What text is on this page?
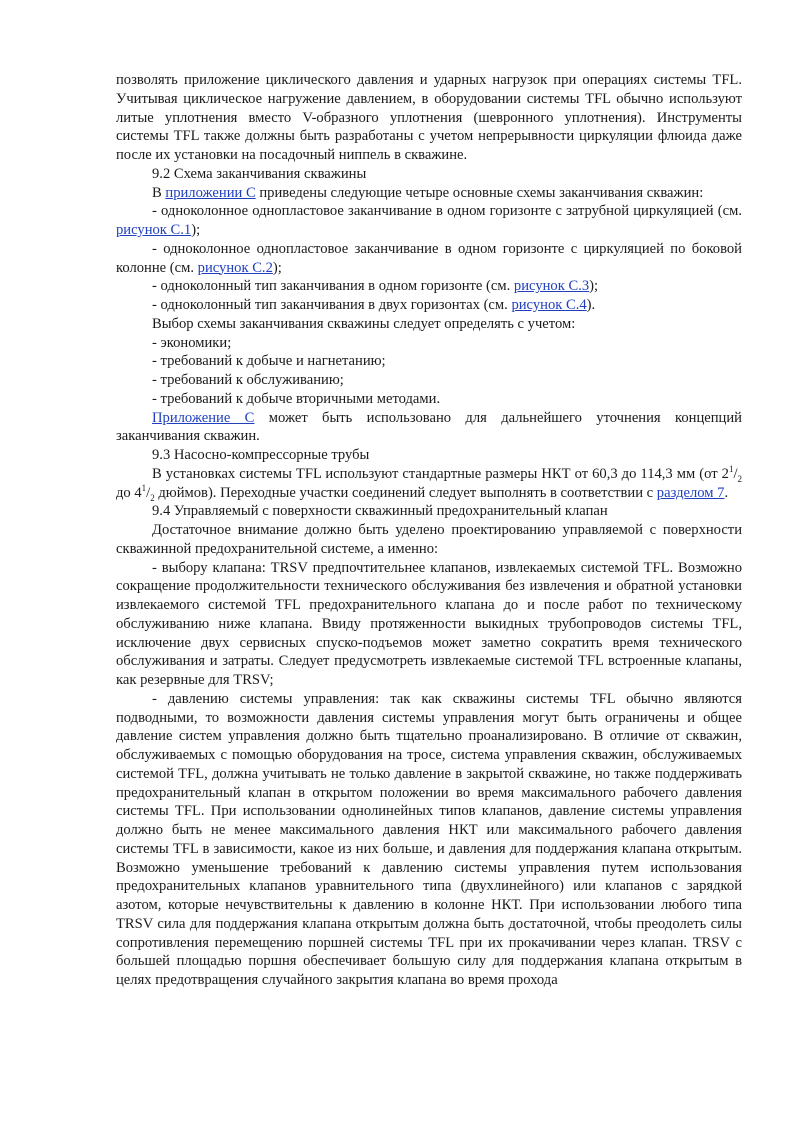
позволять приложение циклического давления и ударных нагрузок при операциях системы TFL. Учитывая циклическое нагружение давлением, в оборудовании системы TFL обычно используют литые уплотнения вместо V-образного уплотнения (шевронного уплотнения). Инструменты системы TFL также должны быть разработаны с учетом непрерывности циркуляции флюида даже после их установки на посадочный ниппель в скважине.

9.2 Схема заканчивания скважины

В приложении С приведены следующие четыре основные схемы заканчивания скважин:

- одноколонное однопластовое заканчивание в одном горизонте с затрубной циркуляцией (см. рисунок С.1);

- одноколонное однопластовое заканчивание в одном горизонте с циркуляцией по боковой колонне (см. рисунок С.2);

- одноколонный тип заканчивания в одном горизонте (см. рисунок С.3);

- одноколонный тип заканчивания в двух горизонтах (см. рисунок С.4).

Выбор схемы заканчивания скважины следует определять с учетом:

- экономики;

- требований к добыче и нагнетанию;

- требований к обслуживанию;

- требований к добыче вторичными методами.

Приложение С может быть использовано для дальнейшего уточнения концепций заканчивания скважин.

9.3 Насосно-компрессорные трубы

В установках системы TFL используют стандартные размеры НКТ от 60,3 до 114,3 мм (от $2^1/_2$ до $4^1/_2$ дюймов). Переходные участки соединений следует выполнять в соответствии с разделом 7.

9.4 Управляемый с поверхности скважинный предохранительный клапан

Достаточное внимание должно быть уделено проектированию управляемой с поверхности скважинной предохранительной системе, а именно:

- выбору клапана: TRSV предпочтительнее клапанов, извлекаемых системой TFL. Возможно сокращение продолжительности технического обслуживания без извлечения и обратной установки извлекаемого системой TFL предохранительного клапана до и после работ по техническому обслуживанию ниже клапана. Ввиду протяженности выкидных трубопроводов системы TFL, исключение двух сервисных спуско-подъемов может заметно сократить время технического обслуживания и затраты. Следует предусмотреть извлекаемые системой TFL встроенные клапаны, как резервные для TRSV;

- давлению системы управления: так как скважины системы TFL обычно являются подводными, то возможности давления системы управления могут быть ограничены и общее давление систем управления должно быть тщательно проанализировано. В отличие от скважин, обслуживаемых с помощью оборудования на тросе, система управления скважин, обслуживаемых системой TFL, должна учитывать не только давление в закрытой скважине, но также поддерживать предохранительный клапан в открытом положении во время максимального рабочего давления системы TFL. При использовании однолинейных типов клапанов, давление системы управления должно быть не менее максимального давления НКТ или максимального рабочего давления системы TFL в зависимости, какое из них больше, и давления для поддержания клапана открытым. Возможно уменьшение требований к давлению системы управления путем использования предохранительных клапанов уравнительного типа (двухлинейного) или клапанов с зарядкой азотом, которые нечувствительны к давлению в колонне НКТ. При использовании любого типа TRSV сила для поддержания клапана открытым должна быть достаточной, чтобы преодолеть силы сопротивления перемещению поршней системы TFL при их прокачивании через клапан. TRSV с большей площадью поршня обеспечивает большую силу для поддержания клапана открытым в целях предотвращения случайного закрытия клапана во время прохода
